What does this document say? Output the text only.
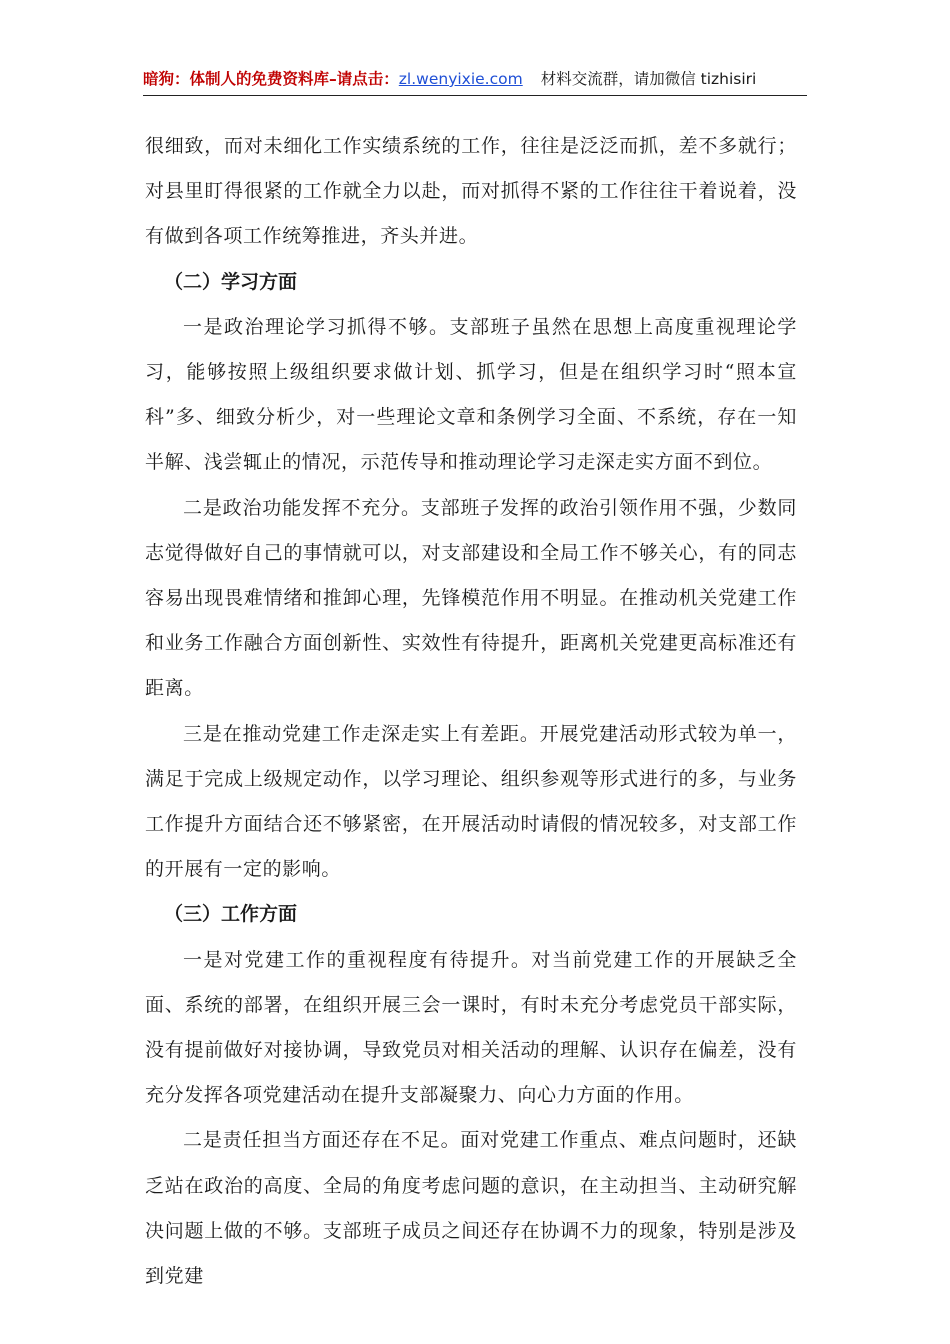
暗狗：体制人的免费资料库–请点击：zl.wenyixie.com 材料交流群，请加微信 tizhisiri

很细致，而对未细化工作实绩系统的工作，往往是泛泛而抓，差不多就行；对县里盯得很紧的工作就全力以赴，而对抓得不紧的工作往往干着说着，没有做到各项工作统筹推进，齐头并进。

（二）学习方面

一是政治理论学习抓得不够。支部班子虽然在思想上高度重视理论学习，能够按照上级组织要求做计划、抓学习，但是在组织学习时“照本宣科”多、细致分析少，对一些理论文章和条例学习全面、不系统，存在一知半解、浅尝辄止的情况，示范传导和推动理论学习走深走实方面不到位。

二是政治功能发挥不充分。支部班子发挥的政治引领作用不强，少数同志觉得做好自己的事情就可以，对支部建设和全局工作不够关心，有的同志容易出现畏难情绪和推卸心理，先锋模范作用不明显。在推动机关党建工作和业务工作融合方面创新性、实效性有待提升，距离机关党建更高标准还有距离。

三是在推动党建工作走深走实上有差距。开展党建活动形式较为单一，满足于完成上级规定动作，以学习理论、组织参观等形式进行的多，与业务工作提升方面结合还不够紧密，在开展活动时请假的情况较多，对支部工作的开展有一定的影响。

（三）工作方面

一是对党建工作的重视程度有待提升。对当前党建工作的开展缺乏全面、系统的部署，在组织开展三会一课时，有时未充分考虑党员干部实际，没有提前做好对接协调，导致党员对相关活动的理解、认识存在偏差，没有充分发挥各项党建活动在提升支部凝聚力、向心力方面的作用。

二是责任担当方面还存在不足。面对党建工作重点、难点问题时，还缺乏站在政治的高度、全局的角度考虑问题的意识，在主动担当、主动研究解决问题上做的不够。支部班子成员之间还存在协调不力的现象，特别是涉及到党建
